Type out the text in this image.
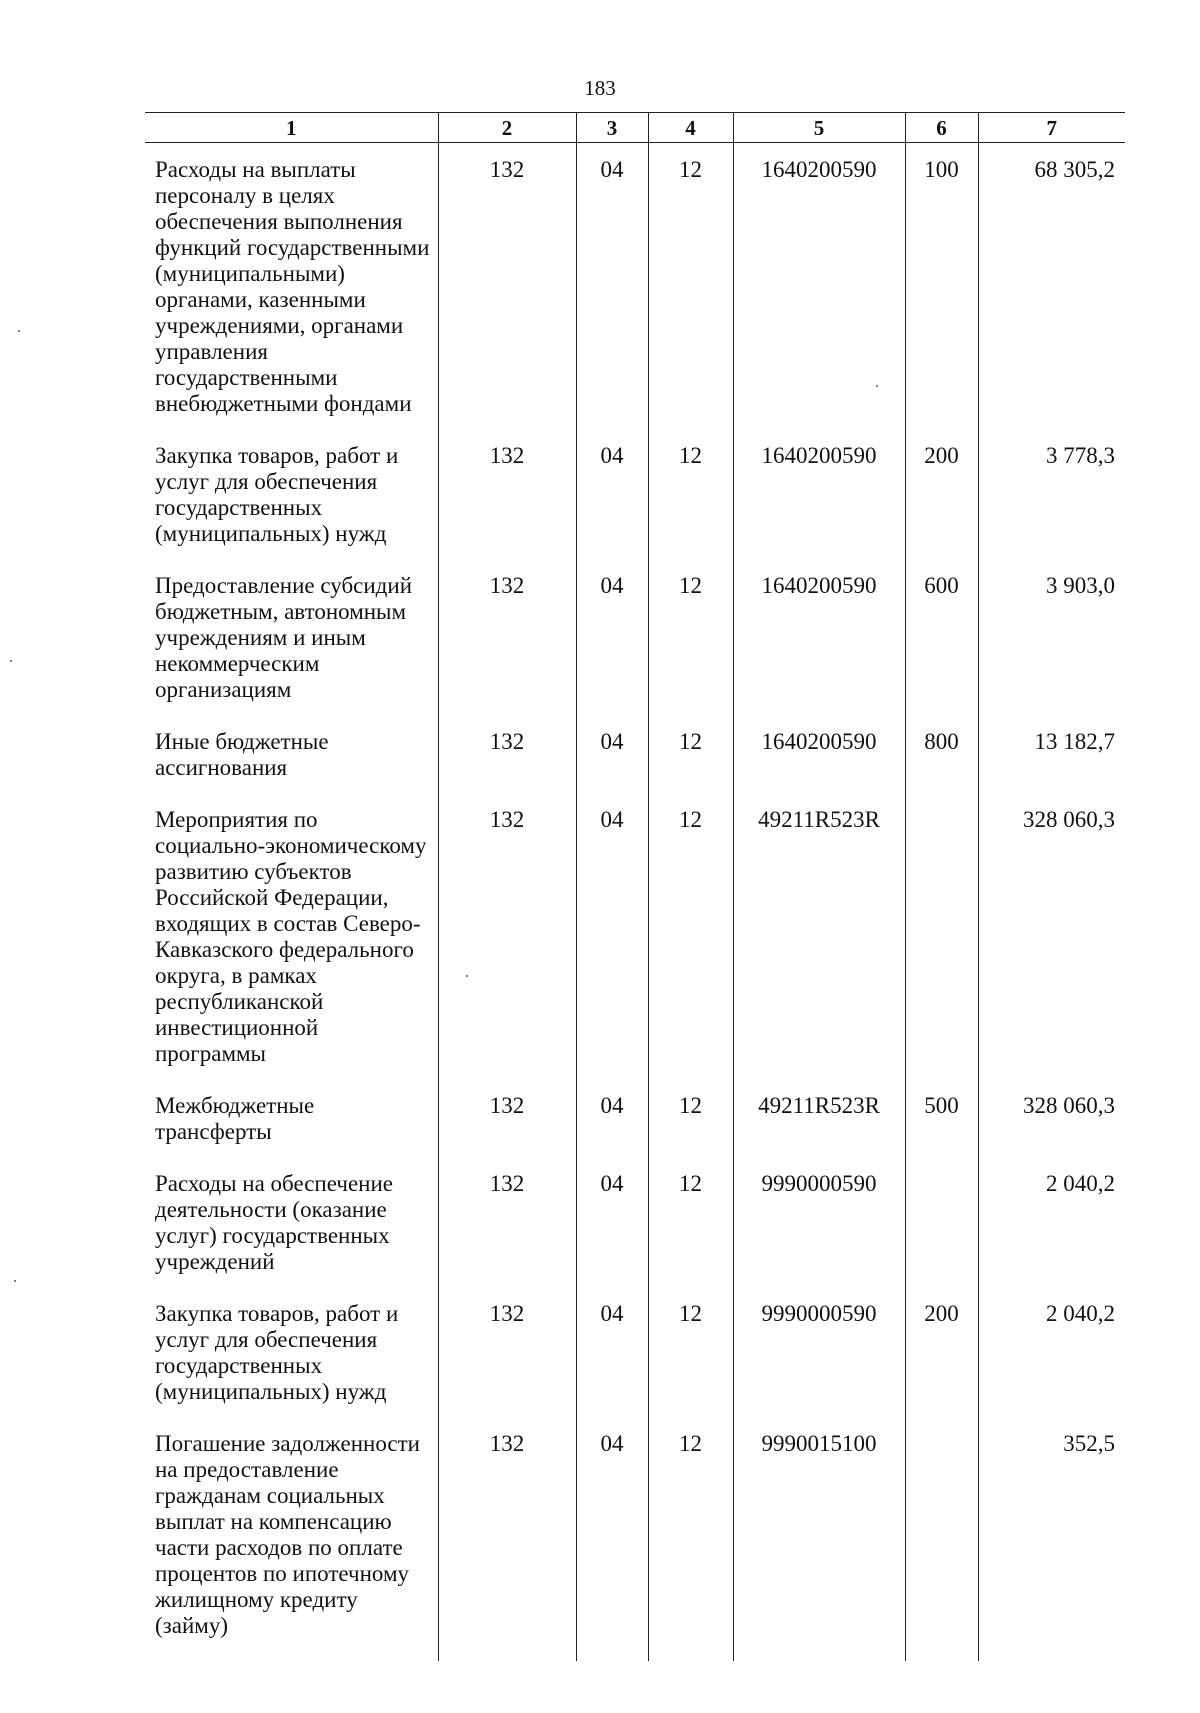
183
1	2	3	4	5	6	7
Расходы на выплаты персоналу в целях обеспечения выполнения функций государственными (муниципальными) органами, казенными учреждениями, органами управления государственными внебюджетными фондами	132	04	12	1640200590	100	68 305,2
Закупка товаров, работ и услуг для обеспечения государственных (муниципальных) нужд	132	04	12	1640200590	200	3 778,3
Предоставление субсидий бюджетным, автономным учреждениям и иным некоммерческим организациям	132	04	12	1640200590	600	3 903,0
Иные бюджетные ассигнования	132	04	12	1640200590	800	13 182,7
Мероприятия по социально-экономическому развитию субъектов Российской Федерации, входящих в состав Северо-Кавказского федерального округа, в рамках республиканской инвестиционной программы	132	04	12	49211R523R		328 060,3
Межбюджетные трансферты	132	04	12	49211R523R	500	328 060,3
Расходы на обеспечение деятельности (оказание услуг) государственных учреждений	132	04	12	9990000590		2 040,2
Закупка товаров, работ и услуг для обеспечения государственных (муниципальных) нужд	132	04	12	9990000590	200	2 040,2
Погашение задолженности на предоставление гражданам социальных выплат на компенсацию части расходов по оплате процентов по ипотечному жилищному кредиту (займу)	132	04	12	9990015100		352,5
